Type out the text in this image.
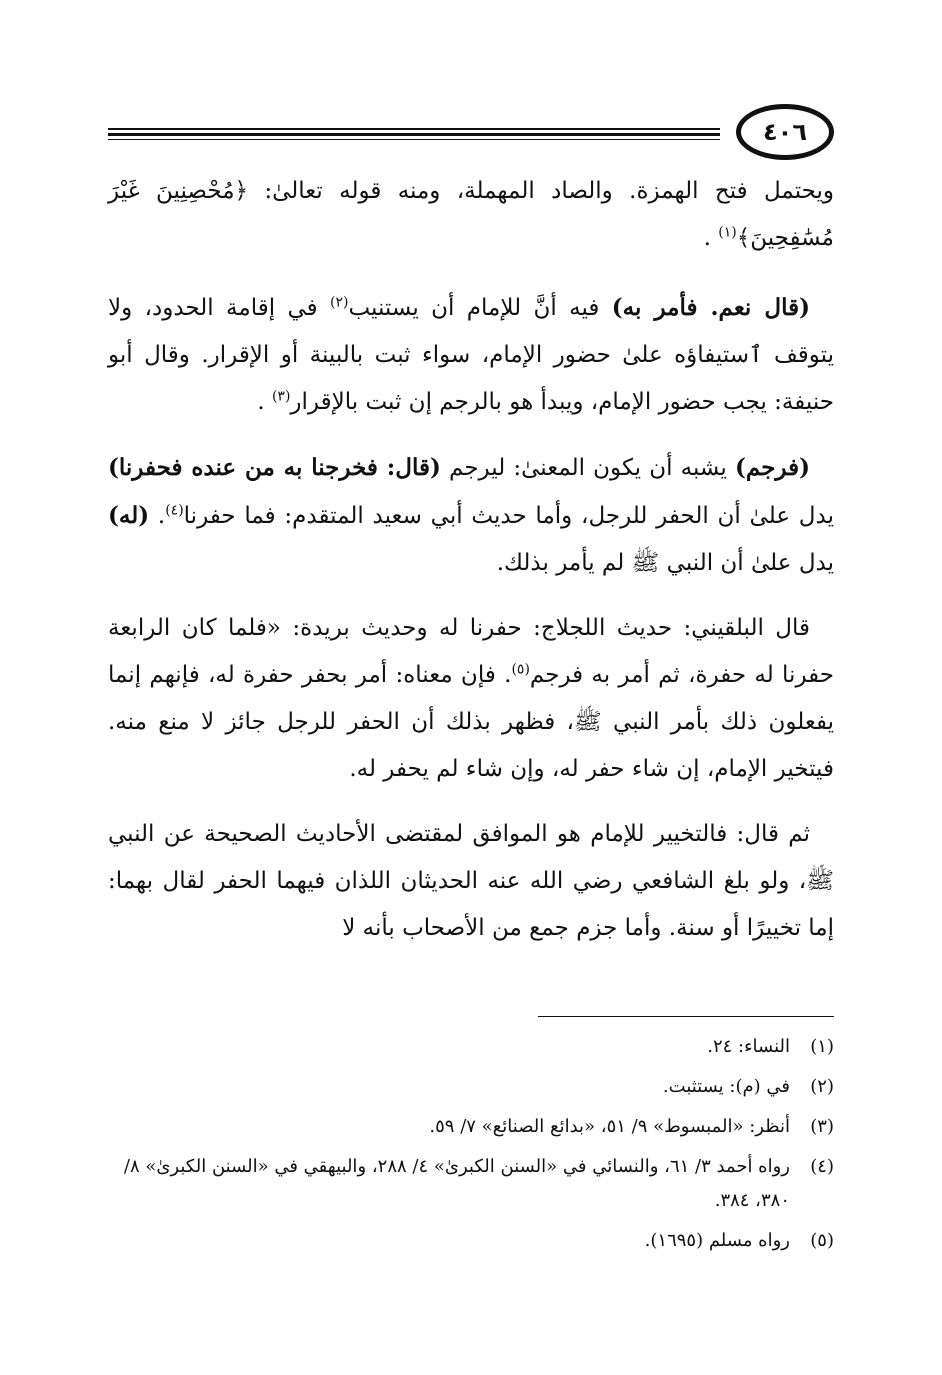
٤٠٦

ويحتمل فتح الهمزة. والصاد المهملة، ومنه قوله تعالىٰ: ﴿مُحْصِنِينَ غَيْرَ مُسَٰفِحِينَ﴾$^{(١)}$ .

(قال نعم. فأمر به) فيه أنَّ للإمام أن يستنيب$^{(٢)}$ في إقامة الحدود، ولا يتوقف ٱستيفاؤه علىٰ حضور الإمام، سواء ثبت بالبينة أو الإقرار. وقال أبو حنيفة: يجب حضور الإمام، ويبدأ هو بالرجم إن ثبت بالإقرار$^{(٣)}$ .

(فرجم) يشبه أن يكون المعنىٰ: ليرجم (قال: فخرجنا به من عنده فحفرنا) يدل علىٰ أن الحفر للرجل، وأما حديث أبي سعيد المتقدم: فما حفرنا$^{(٤)}$. (له) يدل علىٰ أن النبي ﷺ لم يأمر بذلك.

قال البلقيني: حديث اللجلاج: حفرنا له وحديث بريدة: «فلما كان الرابعة حفرنا له حفرة، ثم أمر به فرجم$^{(٥)}$. فإن معناه: أمر بحفر حفرة له، فإنهم إنما يفعلون ذلك بأمر النبي ﷺ، فظهر بذلك أن الحفر للرجل جائز لا منع منه. فيتخير الإمام، إن شاء حفر له، وإن شاء لم يحفر له.

ثم قال: فالتخيير للإمام هو الموافق لمقتضى الأحاديث الصحيحة عن النبي ﷺ، ولو بلغ الشافعي رضي الله عنه الحديثان اللذان فيهما الحفر لقال بهما: إما تخييرًا أو سنة. وأما جزم جمع من الأصحاب بأنه لا

(١)
النساء: ٢٤.
(٢)
في (م): يستثبت.
(٣)
أنظر: «المبسوط» ٩/ ٥١، «بدائع الصنائع» ٧/ ٥٩.
(٤)
رواه أحمد ٣/ ٦١، والنسائي في «السنن الكبرىٰ» ٤/ ٢٨٨، والبيهقي في «السنن الكبرىٰ» ٨/ ٣٨٠، ٣٨٤.
(٥)
رواه مسلم (١٦٩٥).
